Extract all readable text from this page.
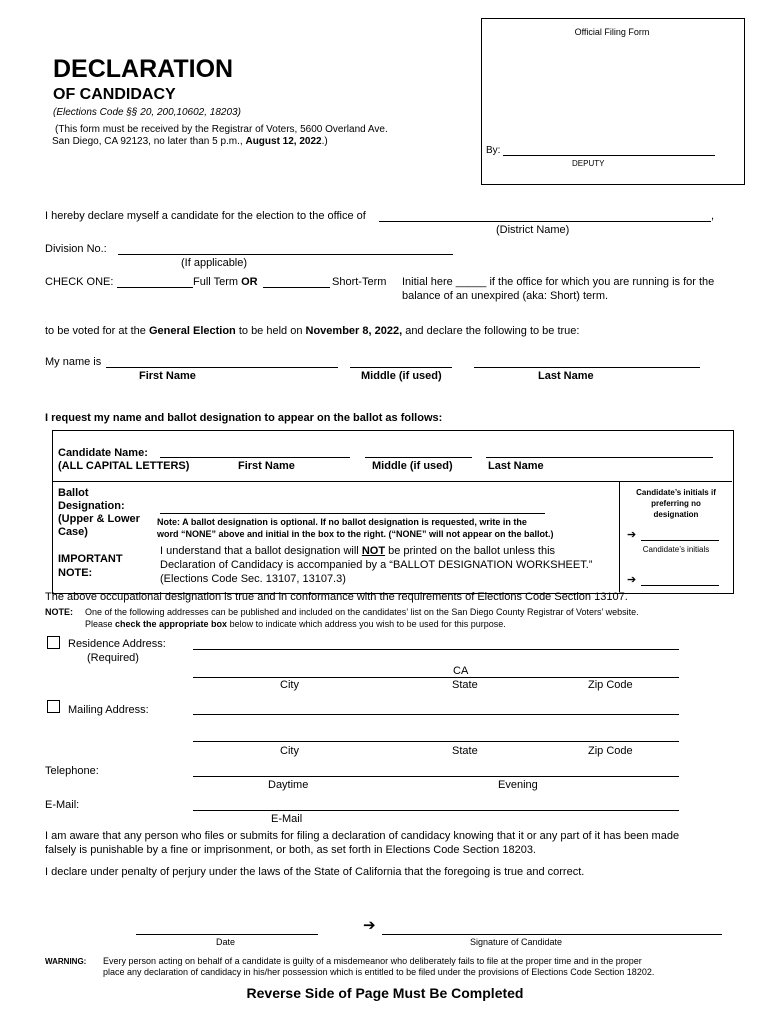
Official Filing Form
By:
DEPUTY
DECLARATION
OF CANDIDACY
(Elections Code §§ 20, 200,10602, 18203)
(This form must be received by the Registrar of Voters, 5600 Overland Ave.
San Diego, CA 92123, no later than 5 p.m., August 12, 2022.)
I hereby declare myself a candidate for the election to the office of	,
(District Name)
Division No.:
(If applicable)
CHECK ONE:	Full Term OR	Short-Term Initial here _____ if the office for which you are running is for the
balance of an unexpired (aka: Short) term.
to be voted for at the General Election to be held on November 8, 2022, and declare the following to be true:
My name is
First Name	Middle (if used)	Last Name
I request my name and ballot designation to appear on the ballot as follows:
Candidate Name:
(ALL CAPITAL LETTERS)	First Name	Middle (if used)	Last Name
Ballot
Designation:
(Upper & Lower
Case)
Note: A ballot designation is optional. If no ballot designation is requested, write in the
word “NONE” above and initial in the box to the right. (“NONE” will not appear on the ballot.)
Candidate’s initials if
preferring no
designation
➔
IMPORTANT
NOTE:
I understand that a ballot designation will NOT be printed on the ballot unless this
Declaration of Candidacy is accompanied by a “BALLOT DESIGNATION WORKSHEET.”
(Elections Code Sec. 13107, 13107.3)
Candidate’s initials
➔
The above occupational designation is true and in conformance with the requirements of Elections Code Section 13107.
NOTE: One of the following addresses can be published and included on the candidates’ list on the San Diego County Registrar of Voters’ website.
Please check the appropriate box below to indicate which address you wish to be used for this purpose.
Residence Address:
(Required)
CA
City	State	Zip Code
Mailing Address:
City	State	Zip Code
Telephone:
Daytime	Evening
E-Mail:
E-Mail
I am aware that any person who files or submits for filing a declaration of candidacy knowing that it or any part of it has been made
falsely is punishable by a fine or imprisonment, or both, as set forth in Elections Code Section 18203.
I declare under penalty of perjury under the laws of the State of California that the foregoing is true and correct.
Date
➔
Signature of Candidate
WARNING: Every person acting on behalf of a candidate is guilty of a misdemeanor who deliberately fails to file at the proper time and in the proper
place any declaration of candidacy in his/her possession which is entitled to be filed under the provisions of Elections Code Section 18202.
Reverse Side of Page Must Be Completed
